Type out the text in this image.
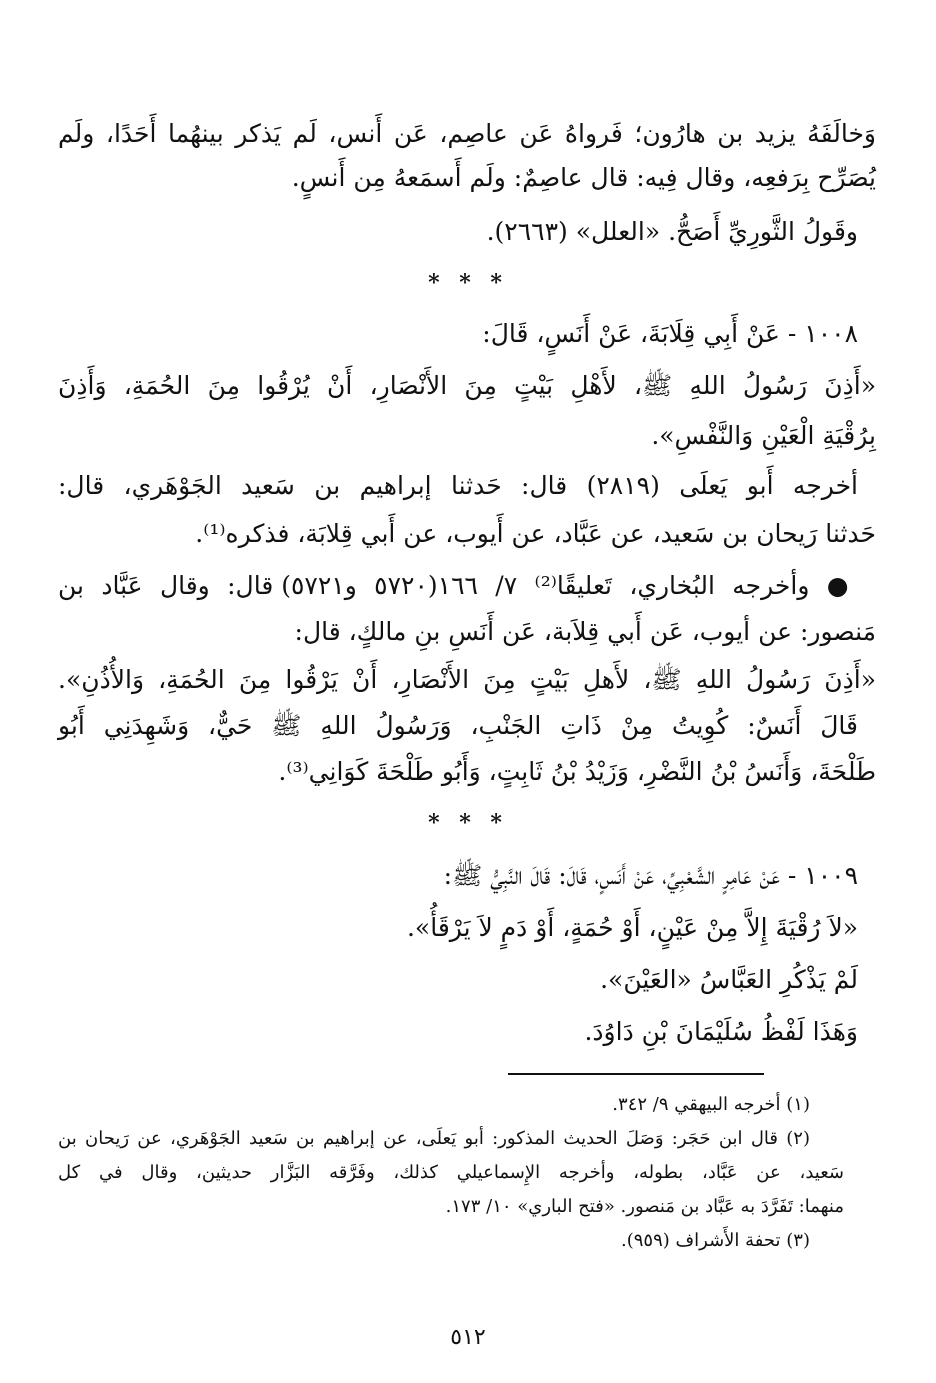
وَخالَفَهُ يزيد بن هارُون؛ فَرواهُ عَن عاصِم، عَن أَنس، لَم يَذكر بينهُما أَحَدًا، ولَم

يُصَرِّح بِرَفعِه، وقال فِيه: قال عاصِمٌ: ولَم أَسمَعهُ مِن أَنسٍ.

وقَولُ الثَّورِيِّ أَصَحُّ. «العلل» (٢٦٦٣).

* * *

١٠٠٨ - عَنْ أَبِي قِلَابَةَ، عَنْ أَنَسٍ، قَالَ:

«أَذِنَ رَسُولُ اللهِ ﷺ، لأَهْلِ بَيْتٍ مِنَ الأَنْصَارِ، أَنْ يُرْقُوا مِنَ الحُمَةِ، وَأَذِنَ

بِرُقْيَةِ الْعَيْنِ وَالنَّفْسِ».

أخرجه أَبو يَعلَى (٢٨١٩) قال: حَدثنا إبراهيم بن سَعيد الجَوْهَري، قال:

حَدثنا رَيحان بن سَعيد، عن عَبَّاد، عن أَيوب، عن أَبي قِلابَة، فذكره⁽¹⁾.

● وأخرجه البُخاري، تَعليقًا⁽²⁾ ٧/ ١٦٦(٥٧٢٠ و٥٧٢١) قال: وقال عَبَّاد بن

مَنصور: عن أيوب، عَن أَبي قِلاَبة، عَن أَنَسِ بنِ مالكٍ، قال:

«أَذِنَ رَسُولُ اللهِ ﷺ، لأَهلِ بَيْتٍ مِنَ الأَنْصَارِ، أَنْ يَرْقُوا مِنَ الحُمَةِ، وَالأُذُنِ».

قَالَ أَنَسٌ: كُوِيتُ مِنْ ذَاتِ الجَنْبِ، وَرَسُولُ اللهِ ﷺ حَيٌّ، وَشَهِدَنِي أَبُو

طَلْحَةَ، وَأَنَسُ بْنُ النَّضْرِ، وَزَيْدُ بْنُ ثَابِتٍ، وَأَبُو طَلْحَةَ كَوَانِي⁽³⁾.

* * *

١٠٠٩ - عَنْ عَامِرٍ الشَّعْبِيِّ، عَنْ أَنَسٍ، قَالَ: قَالَ النَّبِيُّ ﷺ:

«لاَ رُقْيَةَ إِلاَّ مِنْ عَيْنٍ، أَوْ حُمَةٍ، أَوْ دَمٍ لاَ يَرْقَأُ».

لَمْ يَذْكُرِ العَبَّاسُ «العَيْنَ».

وَهَذَا لَفْظُ سُلَيْمَانَ بْنِ دَاوُدَ.

(١) أخرجه البيهقي ٩/ ٣٤٢.

(٢) قال ابن حَجَر: وَصَلَ الحديث المذكور: أبو يَعلَى، عن إبراهيم بن سَعيد الجَوْهَري، عن رَيحان بن

سَعيد، عن عَبَّاد، بطوله، وأخرجه الإِسماعيلي كذلك، وفَرَّقه البَزَّار حديثين، وقال في كل

منهما: تَفَرَّدَ به عَبَّاد بن مَنصور. «فتح الباري» ١٠/ ١٧٣.

(٣) تحفة الأَشراف (٩٥٩).

٥١٢
